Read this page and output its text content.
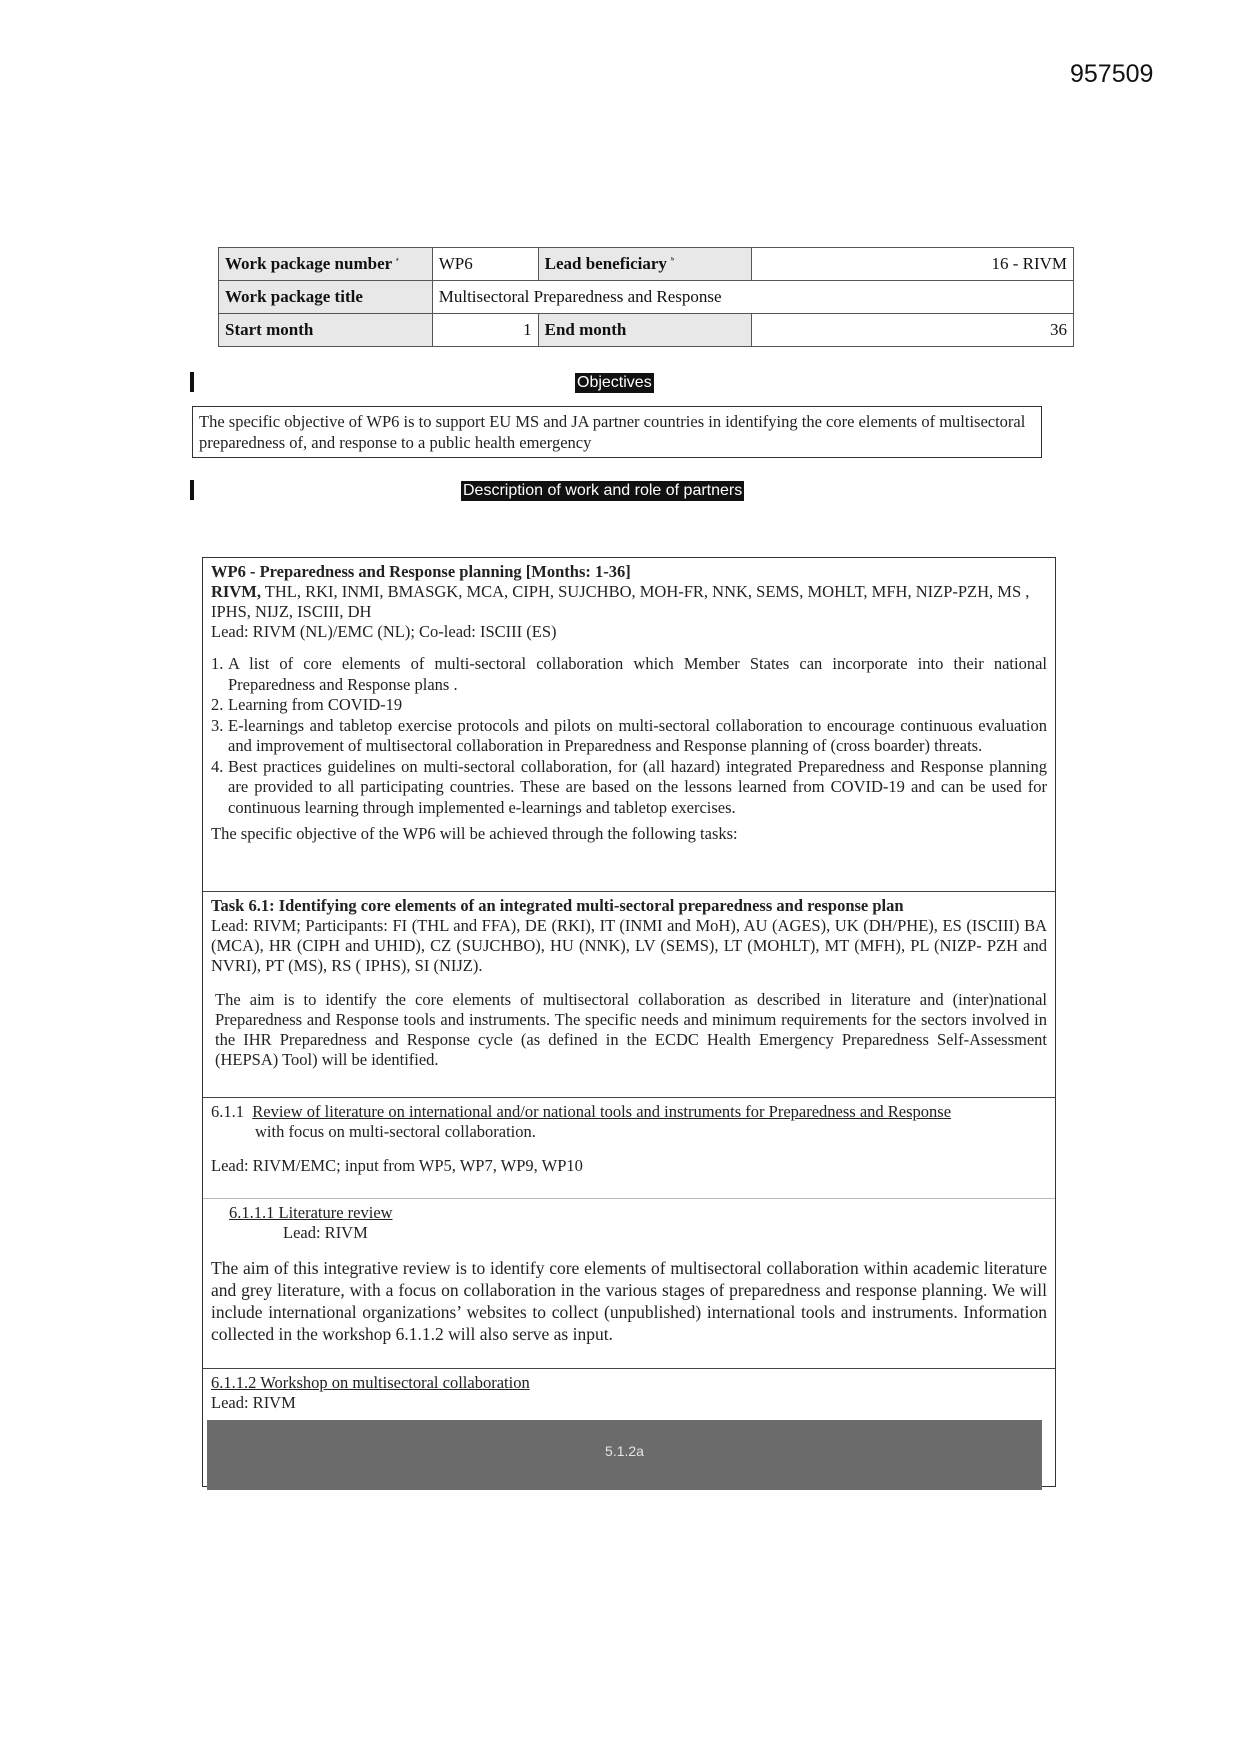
957509
Work package number $^ᵃ$	WP6	Lead beneficiary $^ᵇ$	16 - RIVM
Work package title	Multisectoral Preparedness and Response		
Start month	1	End month	36
Objectives
The specific objective of WP6 is to support EU MS and JA partner countries in identifying the core elements of multisectoral preparedness of, and response to a public health emergency
Description of work and role of partners

WP6 - Preparedness and Response planning [Months: 1-36]

RIVM, THL, RKI, INMI, BMASGK, MCA, CIPH, SUJCHBO, MOH-FR, NNK, SEMS, MOHLT, MFH, NIZP-PZH, MS , IPHS, NIJZ, ISCIII, DH

Lead: RIVM (NL)/EMC (NL); Co-lead: ISCIII (ES)

1. A list of core elements of multi-sectoral collaboration which Member States can incorporate into their national Preparedness and Response plans .
2. Learning from COVID-19
3. E-learnings and tabletop exercise protocols and pilots on multi-sectoral collaboration to encourage continuous evaluation and improvement of multisectoral collaboration in Preparedness and Response planning of (cross boarder) threats.
4. Best practices guidelines on multi-sectoral collaboration, for (all hazard) integrated Preparedness and Response planning are provided to all participating countries. These are based on the lessons learned from COVID-19 and can be used for continuous learning through implemented e-learnings and tabletop exercises.

The specific objective of the WP6 will be achieved through the following tasks:

Task 6.1: Identifying core elements of an integrated multi-sectoral preparedness and response plan

Lead: RIVM; Participants: FI (THL and FFA), DE (RKI), IT (INMI and MoH), AU (AGES), UK (DH/PHE), ES (ISCIII) BA (MCA), HR (CIPH and UHID), CZ (SUJCHBO), HU (NNK), LV (SEMS), LT (MOHLT), MT (MFH), PL (NIZP- PZH and NVRI), PT (MS), RS ( IPHS), SI (NIJZ).

The aim is to identify the core elements of multisectoral collaboration as described in literature and (inter)national Preparedness and Response tools and instruments. The specific needs and minimum requirements for the sectors involved in the IHR Preparedness and Response cycle (as defined in the ECDC Health Emergency Preparedness Self-Assessment (HEPSA) Tool) will be identified.

6.1.1 Review of literature on international and/or national tools and instruments for Preparedness and Response

with focus on multi-sectoral collaboration.

Lead: RIVM/EMC; input from WP5, WP7, WP9, WP10

6.1.1.1 Literature review

Lead: RIVM

The aim of this integrative review is to identify core elements of multisectoral collaboration within academic literature and grey literature, with a focus on collaboration in the various stages of preparedness and response planning. We will include international organizations’ websites to collect (unpublished) international tools and instruments. Information collected in the workshop 6.1.1.2 will also serve as input.

6.1.1.2 Workshop on multisectoral collaboration

Lead: RIVM

5.1.2a
